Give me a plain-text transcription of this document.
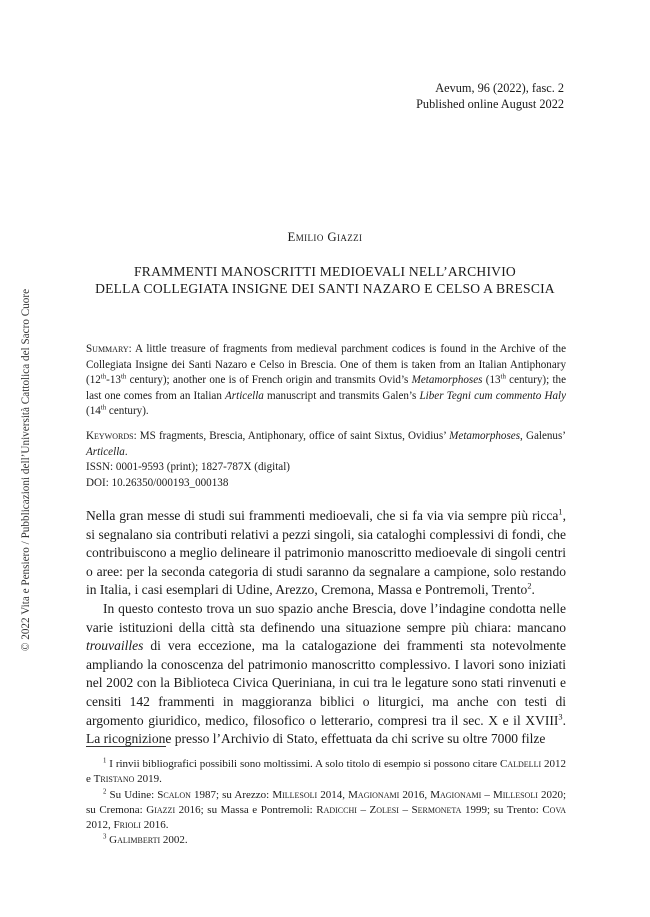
© 2022 Vita e Pensiero / Pubblicazioni dell’Università Cattolica del Sacro Cuore
Aevum, 96 (2022), fasc. 2
Published online August 2022
Emilio Giazzi
FRAMMENTI MANOSCRITTI MEDIOEVALI NELL’ARCHIVIO
DELLA COLLEGIATA INSIGNE DEI SANTI NAZARO E CELSO A BRESCIA
Summary: A little treasure of fragments from medieval parchment codices is found in the Archive of the Collegiata Insigne dei Santi Nazaro e Celso in Brescia. One of them is taken from an Italian Antiphonary (12th-13th century); another one is of French origin and transmits Ovid’s Metamorphoses (13th century); the last one comes from an Italian Articella manuscript and transmits Galen’s Liber Tegni cum commento Haly (14th century).
Keywords: MS fragments, Brescia, Antiphonary, office of saint Sixtus, Ovidius’ Metamorphoses, Galenus’ Articella.
ISSN: 0001-9593 (print); 1827-787X (digital)
DOI: 10.26350/000193_000138

Nella gran messe di studi sui frammenti medioevali, che si fa via via sempre più ricca$^1$, si segnalano sia contributi relativi a pezzi singoli, sia cataloghi complessivi di fondi, che contribuiscono a meglio delineare il patrimonio manoscritto medioevale di singoli centri o aree: per la seconda categoria di studi saranno da segnalare a campione, solo restando in Italia, i casi esemplari di Udine, Arezzo, Cremona, Massa e Pontremoli, Trento$^2$.

In questo contesto trova un suo spazio anche Brescia, dove l’indagine condotta nelle varie istituzioni della città sta definendo una situazione sempre più chiara: mancano trouvailles di vera eccezione, ma la catalogazione dei frammenti sta notevolmente ampliando la conoscenza del patrimonio manoscritto complessivo. I lavori sono iniziati nel 2002 con la Biblioteca Civica Queriniana, in cui tra le legature sono stati rinvenuti e censiti 142 frammenti in maggioranza biblici o liturgici, ma anche con testi di argomento giuridico, medico, filosofico o letterario, compresi tra il sec. X e il XVIII$^3$. La ricognizione presso l’Archivio di Stato, effettuata da chi scrive su oltre 7000 filze

$^1$ I rinvii bibliografici possibili sono moltissimi. A solo titolo di esempio si possono citare Caldelli 2012 e Tristano 2019.

$^2$ Su Udine: Scalon 1987; su Arezzo: Millesoli 2014, Magionami 2016, Magionami – Millesoli 2020; su Cremona: Giazzi 2016; su Massa e Pontremoli: Radicchi – Zolesi – Sermoneta 1999; su Trento: Cova 2012, Frioli 2016.

$^3$ Galimberti 2002.
